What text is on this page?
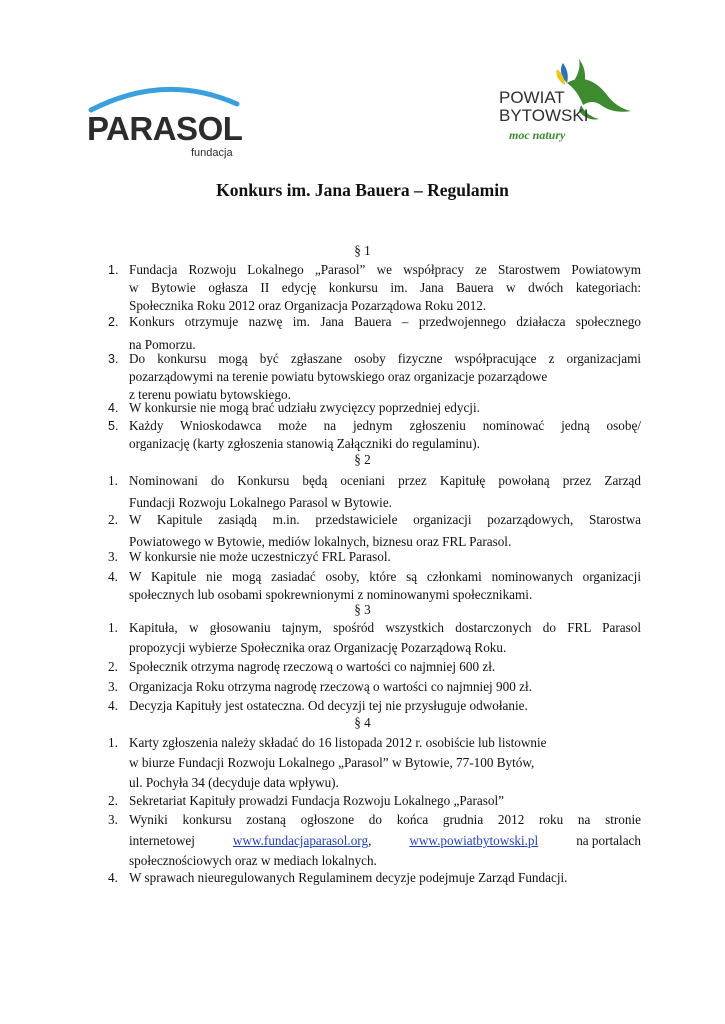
PARASOL
fundacja
POWIAT
BYTOWSKI
moc natury
Konkurs im. Jana Bauera – Regulamin
§ 1
1. Fundacja Rozwoju Lokalnego „Parasol” we współpracy ze Starostwem Powiatowym
w Bytowie ogłasza II edycję konkursu im. Jana Bauera w dwóch kategoriach:
Społecznika Roku 2012 oraz Organizacja Pozarządowa Roku 2012.
2. Konkurs otrzymuje nazwę im. Jana Bauera – przedwojennego działacza społecznego
na Pomorzu.
3. Do konkursu mogą być zgłaszane osoby fizyczne współpracujące z organizacjami
pozarządowymi na terenie powiatu bytowskiego oraz organizacje pozarządowe
z terenu powiatu bytowskiego.
4. W konkursie nie mogą brać udziału zwycięzcy poprzedniej edycji.
5. Każdy Wnioskodawca może na jednym zgłoszeniu nominować jedną osobę/
organizację (karty zgłoszenia stanowią Załączniki do regulaminu).
§ 2
1. Nominowani do Konkursu będą oceniani przez Kapitułę powołaną przez Zarząd
Fundacji Rozwoju Lokalnego Parasol w Bytowie.
2. W Kapitule zasiądą m.in. przedstawiciele organizacji pozarządowych, Starostwa
Powiatowego w Bytowie, mediów lokalnych, biznesu oraz FRL Parasol.
3. W konkursie nie może uczestniczyć FRL Parasol.
4. W Kapitule nie mogą zasiadać osoby, które są członkami nominowanych organizacji
społecznych lub osobami spokrewnionymi z nominowanymi społecznikami.
§ 3
1. Kapituła, w głosowaniu tajnym, spośród wszystkich dostarczonych do FRL Parasol
propozycji wybierze Społecznika oraz Organizację Pozarządową Roku.
2. Społecznik otrzyma nagrodę rzeczową o wartości co najmniej 600 zł.
3. Organizacja Roku otrzyma nagrodę rzeczową o wartości co najmniej 900 zł.
4. Decyzja Kapituły jest ostateczna. Od decyzji tej nie przysługuje odwołanie.
§ 4
1. Karty zgłoszenia należy składać do 16 listopada 2012 r. osobiście lub listownie
w biurze Fundacji Rozwoju Lokalnego „Parasol” w Bytowie, 77-100 Bytów,
ul. Pochyła 34 (decyduje data wpływu).
2. Sekretariat Kapituły prowadzi Fundacja Rozwoju Lokalnego „Parasol”
3. Wyniki konkursu zostaną ogłoszone do końca grudnia 2012 roku na stronie
internetowej	www.fundacjaparasol.org,	www.powiatbytowski.pl	na portalach
społecznościowych oraz w mediach lokalnych.
4. W sprawach nieuregulowanych Regulaminem decyzje podejmuje Zarząd Fundacji.
